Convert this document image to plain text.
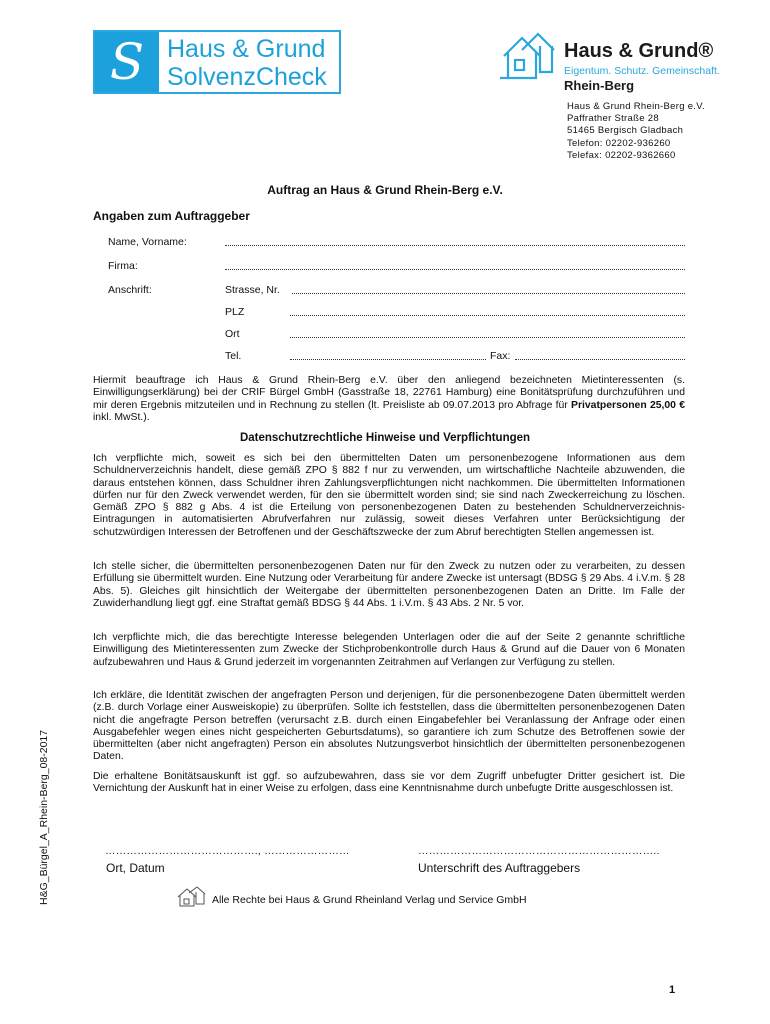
S Haus & Grund
SolvenzCheck
Haus & Grund®
Eigentum. Schutz. Gemeinschaft.
Rhein-Berg
Haus & Grund Rhein-Berg e.V.
Paffrather Straße 28
51465 Bergisch Gladbach
Telefon: 02202-936260
Telefax: 02202-9362660
Auftrag an Haus & Grund Rhein-Berg e.V.
Angaben zum Auftraggeber
Name, Vorname:
Firma:
Anschrift:	Strasse, Nr.
PLZ
Ort
Tel.	Fax:
Hiermit beauftrage ich Haus & Grund Rhein-Berg e.V. über den anliegend bezeichneten Mietinteressenten (s. Einwilligungserklärung) bei der CRIF Bürgel GmbH (Gasstraße 18, 22761 Hamburg) eine Bonitätsprüfung durchzuführen und mir deren Ergebnis mitzuteilen und in Rechnung zu stellen (lt. Preisliste ab 09.07.2013 pro Abfrage für Privatpersonen 25,00 € inkl. MwSt.).
Datenschutzrechtliche Hinweise und Verpflichtungen
Ich verpflichte mich, soweit es sich bei den übermittelten Daten um personenbezogene Informationen aus dem Schuldnerverzeichnis handelt, diese gemäß ZPO § 882 f nur zu verwenden, um wirtschaftliche Nachteile abzuwenden, die daraus entstehen können, dass Schuldner ihren Zahlungsverpflichtungen nicht nachkommen. Die übermittelten Informationen dürfen nur für den Zweck verwendet werden, für den sie übermittelt worden sind; sie sind nach Zweckerreichung zu löschen. Gemäß ZPO § 882 g Abs. 4 ist die Erteilung von personenbezogenen Daten zu bestehenden Schuldnerverzeichnis-Eintragungen in automatisierten Abrufverfahren nur zulässig, soweit dieses Verfahren unter Berücksichtigung der schutzwürdigen Interessen der Betroffenen und der Geschäftszwecke der zum Abruf berechtigten Stellen angemessen ist.
Ich stelle sicher, die übermittelten personenbezogenen Daten nur für den Zweck zu nutzen oder zu verarbeiten, zu dessen Erfüllung sie übermittelt wurden. Eine Nutzung oder Verarbeitung für andere Zwecke ist untersagt (BDSG § 29 Abs. 4 i.V.m. § 28 Abs. 5). Gleiches gilt hinsichtlich der Weitergabe der übermittelten personenbezogenen Daten an Dritte. Im Falle der Zuwiderhandlung liegt ggf. eine Straftat gemäß BDSG § 44 Abs. 1 i.V.m. § 43 Abs. 2 Nr. 5 vor.
Ich verpflichte mich, die das berechtigte Interesse belegenden Unterlagen oder die auf der Seite 2 genannte schriftliche Einwilligung des Mietinteressenten zum Zwecke der Stichprobenkontrolle durch Haus & Grund auf die Dauer von 6 Monaten aufzubewahren und Haus & Grund jederzeit im vorgenannten Zeitrahmen auf Verlangen zur Verfügung zu stellen.
Ich erkläre, die Identität zwischen der angefragten Person und derjenigen, für die personenbezogene Daten übermittelt werden (z.B. durch Vorlage einer Ausweiskopie) zu überprüfen. Sollte ich feststellen, dass die übermittelten personenbezogenen Daten nicht die angefragte Person betreffen (verursacht z.B. durch einen Eingabefehler bei Veranlassung der Anfrage oder einen Ausgabefehler wegen eines nicht gespeicherten Geburtsdatums), so garantiere ich zum Schutze des Betroffenen sowie der übermittelten (aber nicht angefragten) Person ein absolutes Nutzungsverbot hinsichtlich der übermittelten personenbezogenen Daten.
Die erhaltene Bonitätsauskunft ist ggf. so aufzubewahren, dass sie vor dem Zugriff unbefugter Dritter gesichert ist. Die Vernichtung der Auskunft hat in einer Weise zu erfolgen, dass eine Kenntnisnahme durch unbefugte Dritte ausgeschlossen ist.
H&G_Bürgel_A_Rhein-Berg_08-2017	……………………………………., ……………………	…………………………………………………………..
Ort, Datum	Unterschrift des Auftraggebers
Alle Rechte bei Haus & Grund Rheinland Verlag und Service GmbH
1
